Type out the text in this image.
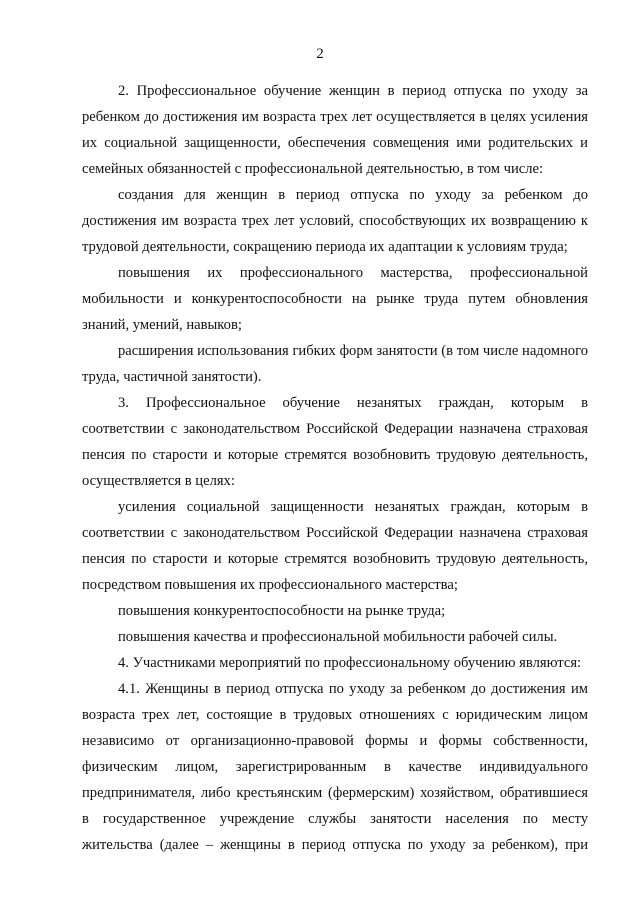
2

2. Профессиональное обучение женщин в период отпуска по уходу за ребенком до достижения им возраста трех лет осуществляется в целях усиления их социальной защищенности, обеспечения совмещения ими родительских и семейных обязанностей с профессиональной деятельностью, в том числе:

создания для женщин в период отпуска по уходу за ребенком до достижения им возраста трех лет условий, способствующих их возвращению к трудовой деятельности, сокращению периода их адаптации к условиям труда;

повышения их профессионального мастерства, профессиональной мобильности и конкурентоспособности на рынке труда путем обновления знаний, умений, навыков;

расширения использования гибких форм занятости (в том числе надомного труда, частичной занятости).

3. Профессиональное обучение незанятых граждан, которым в соответствии с законодательством Российской Федерации назначена страховая пенсия по старости и которые стремятся возобновить трудовую деятельность, осуществляется в целях:

усиления социальной защищенности незанятых граждан, которым в соответствии с законодательством Российской Федерации назначена страховая пенсия по старости и которые стремятся возобновить трудовую деятельность, посредством повышения их профессионального мастерства;

повышения конкурентоспособности на рынке труда;

повышения качества и профессиональной мобильности рабочей силы.

4. Участниками мероприятий по профессиональному обучению являются:

4.1. Женщины в период отпуска по уходу за ребенком до достижения им возраста трех лет, состоящие в трудовых отношениях с юридическим лицом независимо от организационно-правовой формы и формы собственности, физическим лицом, зарегистрированным в качестве индивидуального предпринимателя, либо крестьянским (фермерским) хозяйством, обратившиеся в государственное учреждение службы занятости населения по месту жительства (далее – женщины в период отпуска по уходу за ребенком), при
